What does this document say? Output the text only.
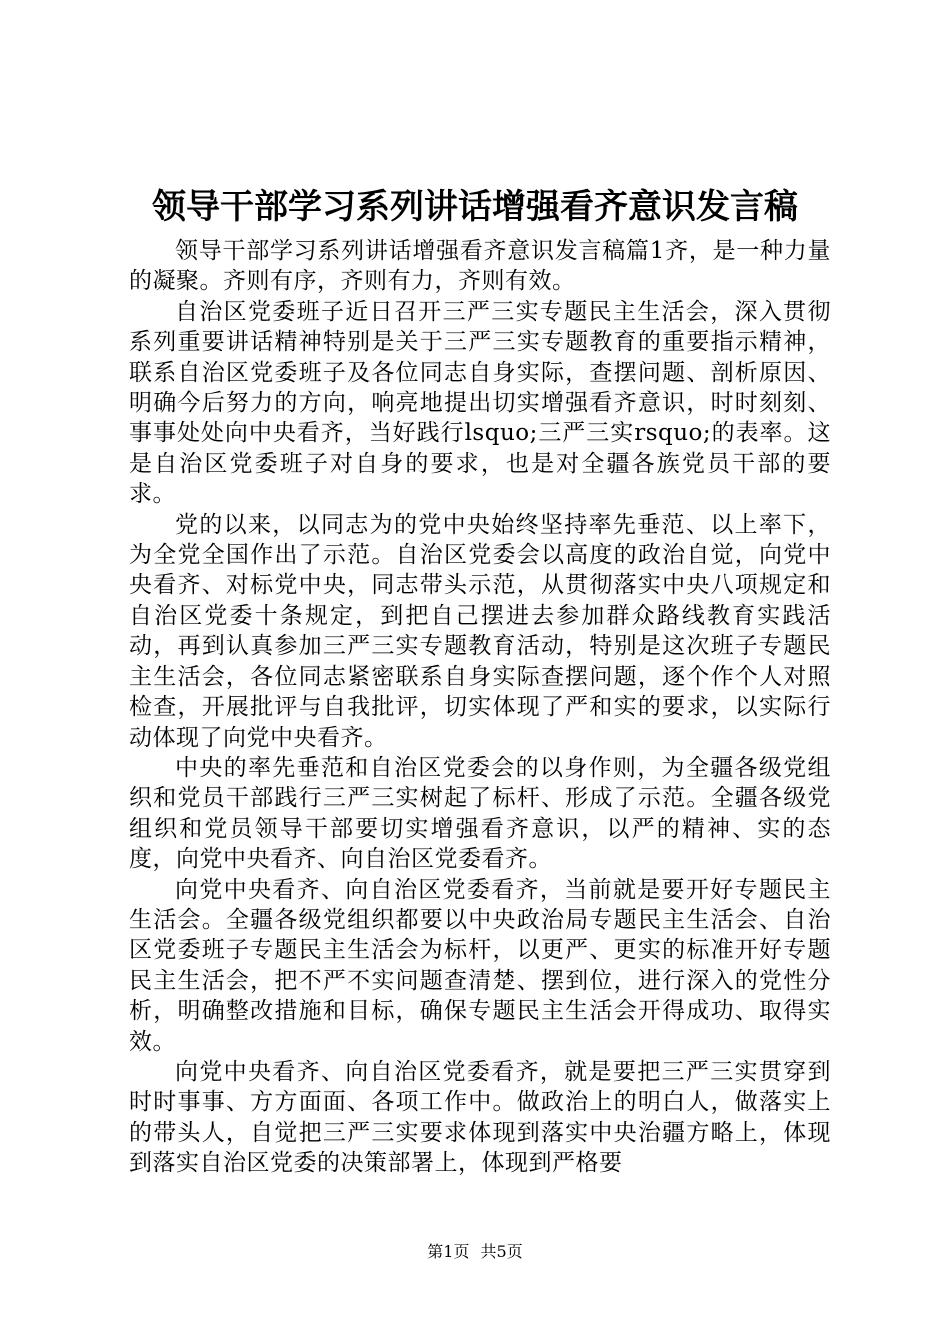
领导干部学习系列讲话增强看齐意识发言稿

领导干部学习系列讲话增强看齐意识发言稿篇1齐，是一种力量的凝聚。齐则有序，齐则有力，齐则有效。

自治区党委班子近日召开三严三实专题民主生活会，深入贯彻系列重要讲话精神特别是关于三严三实专题教育的重要指示精神，联系自治区党委班子及各位同志自身实际，查摆问题、剖析原因、明确今后努力的方向，响亮地提出切实增强看齐意识，时时刻刻、事事处处向中央看齐，当好践行lsquo;三严三实rsquo;的表率。这是自治区党委班子对自身的要求，也是对全疆各族党员干部的要求。

党的以来，以同志为的党中央始终坚持率先垂范、以上率下，为全党全国作出了示范。自治区党委会以高度的政治自觉，向党中央看齐、对标党中央，同志带头示范，从贯彻落实中央八项规定和自治区党委十条规定，到把自己摆进去参加群众路线教育实践活动，再到认真参加三严三实专题教育活动，特别是这次班子专题民主生活会，各位同志紧密联系自身实际查摆问题，逐个作个人对照检查，开展批评与自我批评，切实体现了严和实的要求，以实际行动体现了向党中央看齐。

中央的率先垂范和自治区党委会的以身作则，为全疆各级党组织和党员干部践行三严三实树起了标杆、形成了示范。全疆各级党组织和党员领导干部要切实增强看齐意识，以严的精神、实的态度，向党中央看齐、向自治区党委看齐。

向党中央看齐、向自治区党委看齐，当前就是要开好专题民主生活会。全疆各级党组织都要以中央政治局专题民主生活会、自治区党委班子专题民主生活会为标杆，以更严、更实的标准开好专题民主生活会，把不严不实问题查清楚、摆到位，进行深入的党性分析，明确整改措施和目标，确保专题民主生活会开得成功、取得实效。

向党中央看齐、向自治区党委看齐，就是要把三严三实贯穿到时时事事、方方面面、各项工作中。做政治上的明白人，做落实上的带头人，自觉把三严三实要求体现到落实中央治疆方略上，体现到落实自治区党委的决策部署上，体现到严格要

第1页 共5页
